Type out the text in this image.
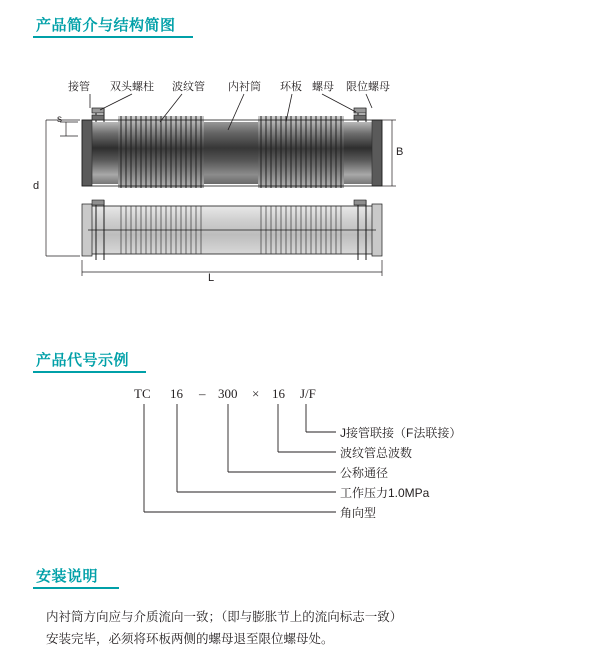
产品简介与结构简图
接管 双头螺柱 波纹管 内衬筒 环板 螺母 限位螺母
s
d
B
L
产品代号示例
TC 16 – 300 × 16 J/F
J接管联接（F法联接）
波纹管总波数
公称通径
工作压力1.0MPa
角向型
安装说明
内衬筒方向应与介质流向一致；（即与膨胀节上的流向标志一致）
安装完毕，必须将环板两侧的螺母退至限位螺母处。
